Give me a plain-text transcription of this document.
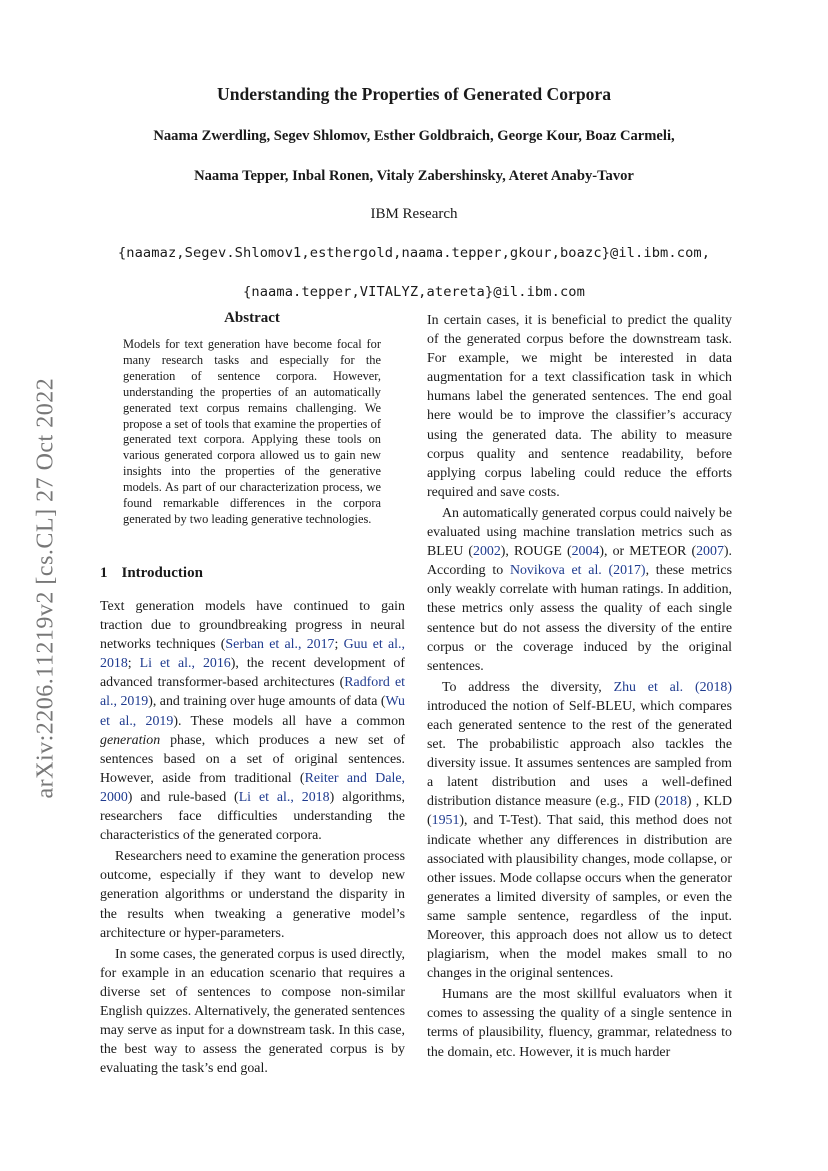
Understanding the Properties of Generated Corpora
Naama Zwerdling, Segev Shlomov, Esther Goldbraich, George Kour, Boaz Carmeli,
Naama Tepper, Inbal Ronen, Vitaly Zabershinsky, Ateret Anaby-Tavor
IBM Research
{naamaz,Segev.Shlomov1,esthergold,naama.tepper,gkour,boazc}@il.ibm.com,
{naama.tepper,VITALYZ,atereta}@il.ibm.com
arXiv:2206.11219v2 [cs.CL] 27 Oct 2022
Abstract
Models for text generation have become focal for many research tasks and especially for the generation of sentence corpora. However, understanding the properties of an automatically generated text corpus remains challenging. We propose a set of tools that examine the properties of generated text corpora. Applying these tools on various generated corpora allowed us to gain new insights into the properties of the generative models. As part of our characterization process, we found remarkable differences in the corpora generated by two leading generative technologies.
1 Introduction

Text generation models have continued to gain traction due to groundbreaking progress in neural networks techniques (Serban et al., 2017; Guu et al., 2018; Li et al., 2016), the recent development of advanced transformer-based architectures (Radford et al., 2019), and training over huge amounts of data (Wu et al., 2019). These models all have a common generation phase, which produces a new set of sentences based on a set of original sentences. However, aside from traditional (Reiter and Dale, 2000) and rule-based (Li et al., 2018) algorithms, researchers face difficulties understanding the characteristics of the generated corpora.

Researchers need to examine the generation process outcome, especially if they want to develop new generation algorithms or understand the disparity in the results when tweaking a generative model’s architecture or hyper-parameters.

In some cases, the generated corpus is used directly, for example in an education scenario that requires a diverse set of sentences to compose non-similar English quizzes. Alternatively, the generated sentences may serve as input for a downstream task. In this case, the best way to assess the generated corpus is by evaluating the task’s end goal.

In certain cases, it is beneficial to predict the quality of the generated corpus before the downstream task. For example, we might be interested in data augmentation for a text classification task in which humans label the generated sentences. The end goal here would be to improve the classifier’s accuracy using the generated data. The ability to measure corpus quality and sentence readability, before applying corpus labeling could reduce the efforts required and save costs.

An automatically generated corpus could naively be evaluated using machine translation metrics such as BLEU (2002), ROUGE (2004), or METEOR (2007). According to Novikova et al. (2017), these metrics only weakly correlate with human ratings. In addition, these metrics only assess the quality of each single sentence but do not assess the diversity of the entire corpus or the coverage induced by the original sentences.

To address the diversity, Zhu et al. (2018) introduced the notion of Self-BLEU, which compares each generated sentence to the rest of the generated set. The probabilistic approach also tackles the diversity issue. It assumes sentences are sampled from a latent distribution and uses a well-defined distribution distance measure (e.g., FID (2018) , KLD (1951), and T-Test). That said, this method does not indicate whether any differences in distribution are associated with plausibility changes, mode collapse, or other issues. Mode collapse occurs when the generator generates a limited diversity of samples, or even the same sample sentence, regardless of the input. Moreover, this approach does not allow us to detect plagiarism, when the model makes small to no changes in the original sentences.

Humans are the most skillful evaluators when it comes to assessing the quality of a single sentence in terms of plausibility, fluency, grammar, relatedness to the domain, etc. However, it is much harder
